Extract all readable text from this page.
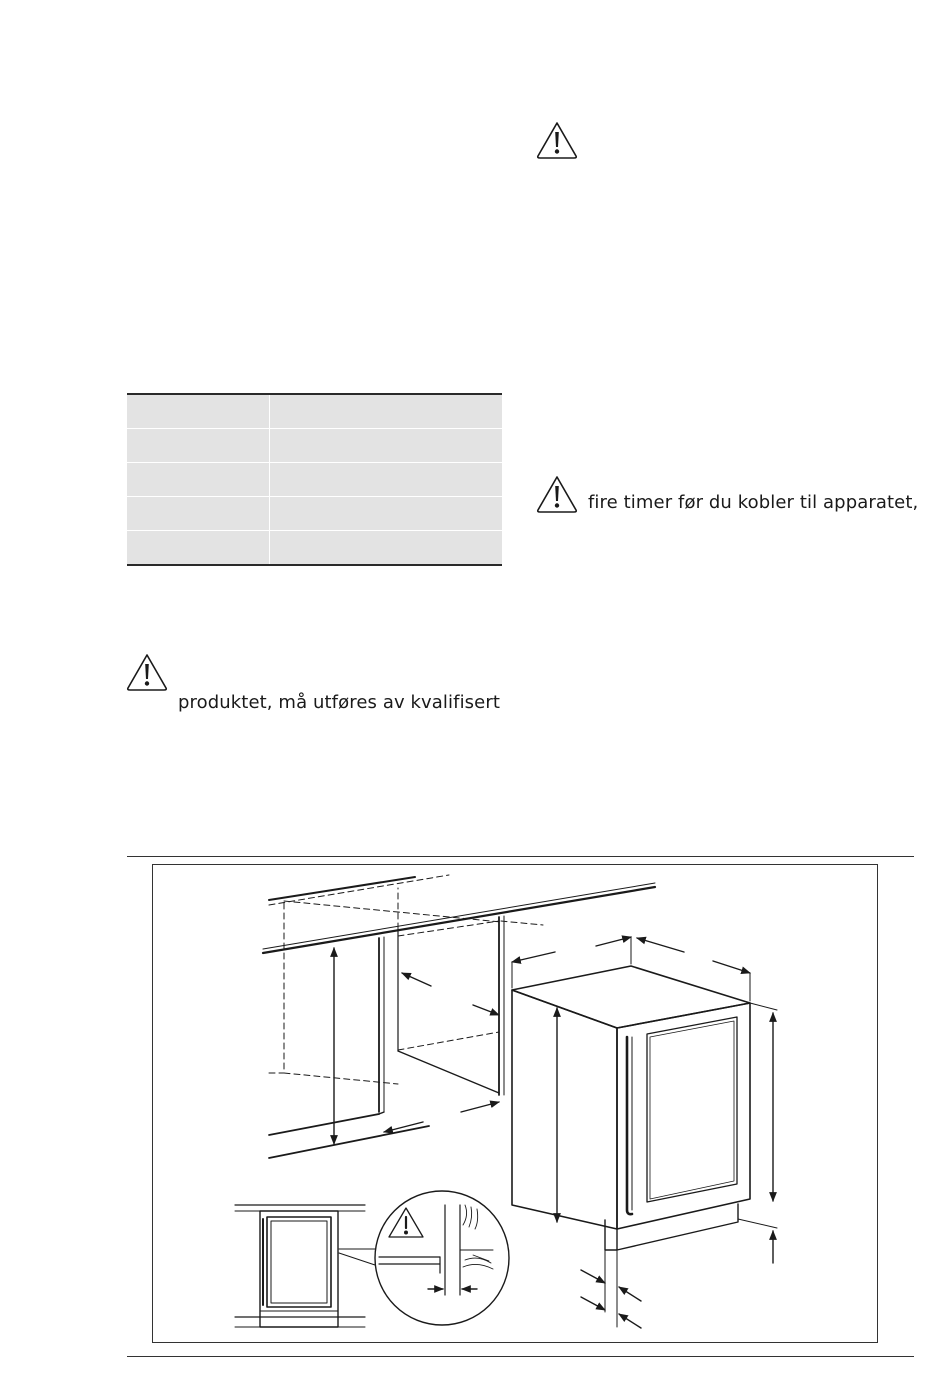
fire timer før du kobler til apparatet,
produktet, må utføres av kvalifisert
